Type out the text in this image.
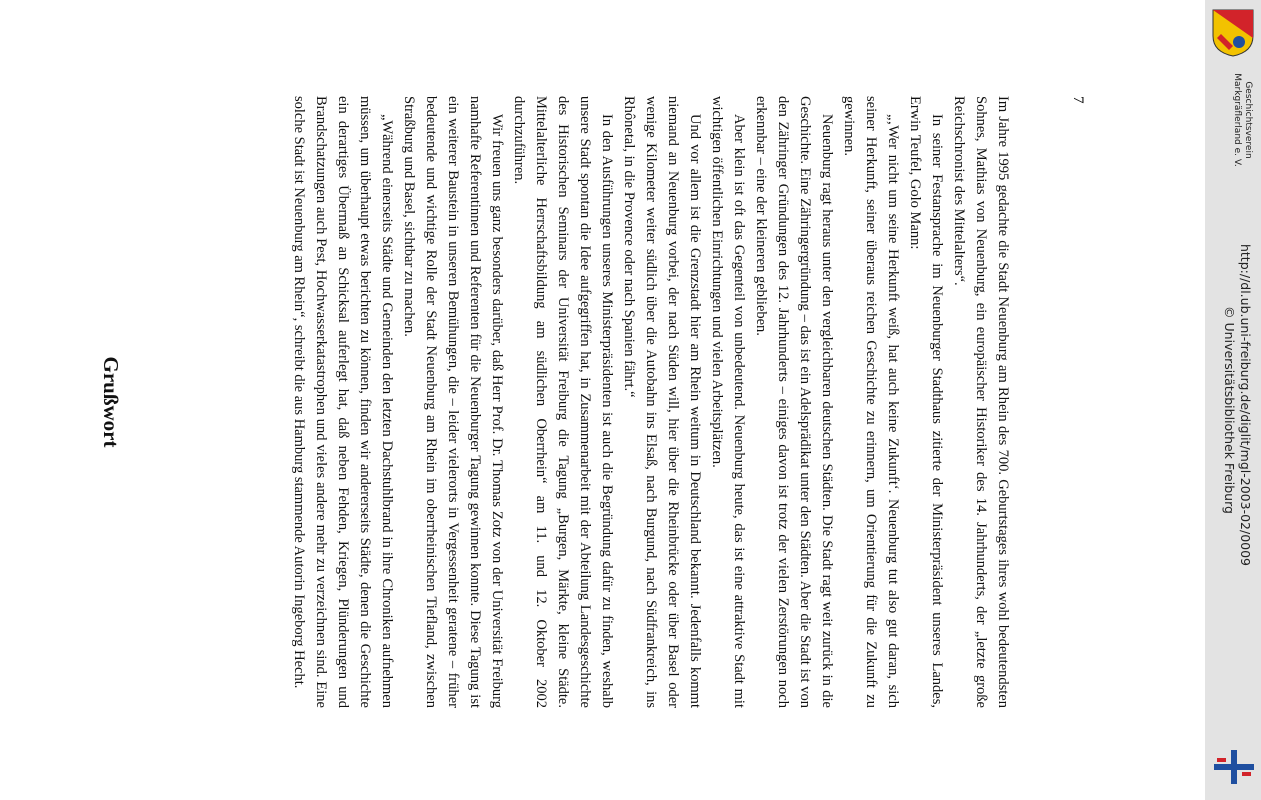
7

Im Jahre 1995 gedachte die Stadt Neuenburg am Rhein des 700. Geburtstages ihres wohl bedeutendsten Sohnes, Mathias von Neuenburg, ein europäischer Historiker des 14. Jahrhunderts, der „letzte große Reichschronist des Mittelalters“.

In seiner Festansprache im Neuenburger Stadthaus zitierte der Ministerpräsident unseres Landes, Erwin Teufel, Golo Mann:

„‚Wer nicht um seine Herkunft weiß, hat auch keine Zukunft‘. Neuenburg tut also gut daran, sich seiner Herkunft, seiner überaus reichen Geschichte zu erinnern, um Orientierung für die Zukunft zu gewinnen.

Neuenburg ragt heraus unter den vergleichbaren deutschen Städten. Die Stadt ragt weit zurück in die Geschichte. Eine Zähringergründung – das ist ein Adelsprädikat unter den Städten. Aber die Stadt ist von den Zähringer Gründungen des 12. Jahrhunderts – einiges davon ist trotz der vielen Zerstörungen noch erkennbar – eine der kleineren geblieben.

Aber klein ist oft das Gegenteil von unbedeutend. Neuenburg heute, das ist eine attraktive Stadt mit wichtigen öffentlichen Einrichtungen und vielen Arbeitsplätzen.

Und vor allem ist die Grenzstadt hier am Rhein weitum in Deutschland bekannt. Jedenfalls kommt niemand an Neuenburg vorbei, der nach Süden will, hier über die Rheinbrücke oder über Basel oder wenige Kilometer weiter südlich über die Autobahn ins Elsaß, nach Burgund, nach Südfrankreich, ins Rhônetal, in die Provence oder nach Spanien fährt.“

In den Ausführungen unseres Ministerpräsidenten ist auch die Begründung dafür zu finden, weshalb unsere Stadt spontan die Idee aufgegriffen hat, in Zusammenarbeit mit der Abteilung Landesgeschichte des Historischen Seminars der Universität Freiburg die Tagung „Burgen, Märkte, kleine Städte. Mittelalterliche Herrschaftsbildung am südlichen Oberrhein“ am 11. und 12. Oktober 2002 durchzuführen.

Wir freuen uns ganz besonders darüber, daß Herr Prof. Dr. Thomas Zotz von der Universität Freiburg namhafte Referentinnen und Referenten für die Neuenburger Tagung gewinnen konnte. Diese Tagung ist ein weiterer Baustein in unseren Bemühungen, die – leider vielerorts in Vergessenheit geratene – früher bedeutende und wichtige Rolle der Stadt Neuenburg am Rhein im oberrheinischen Tiefland, zwischen Straßburg und Basel, sichtbar zu machen.

„Während einerseits Städte und Gemeinden den letzten Dachstuhlbrand in ihre Chroniken aufnehmen müssen, um überhaupt etwas berichten zu können, finden wir andererseits Städte, denen die Geschichte ein derartiges Übermaß an Schicksal auferlegt hat, daß neben Fehden, Kriegen, Plünderungen und Brandschatzungen auch Pest, Hochwasserkatastrophen und vieles andere mehr zu verzeichnen sind. Eine solche Stadt ist Neuenburg am Rhein“, schreibt die aus Hamburg stammende Autorin Ingeborg Hecht.

Grußwort
Geschichtsverein
Markgräflerland e. V.
http://dl.ub.uni-freiburg.de/diglit/mgl-2003-02/0009
© Universitätsbibliothek Freiburg
